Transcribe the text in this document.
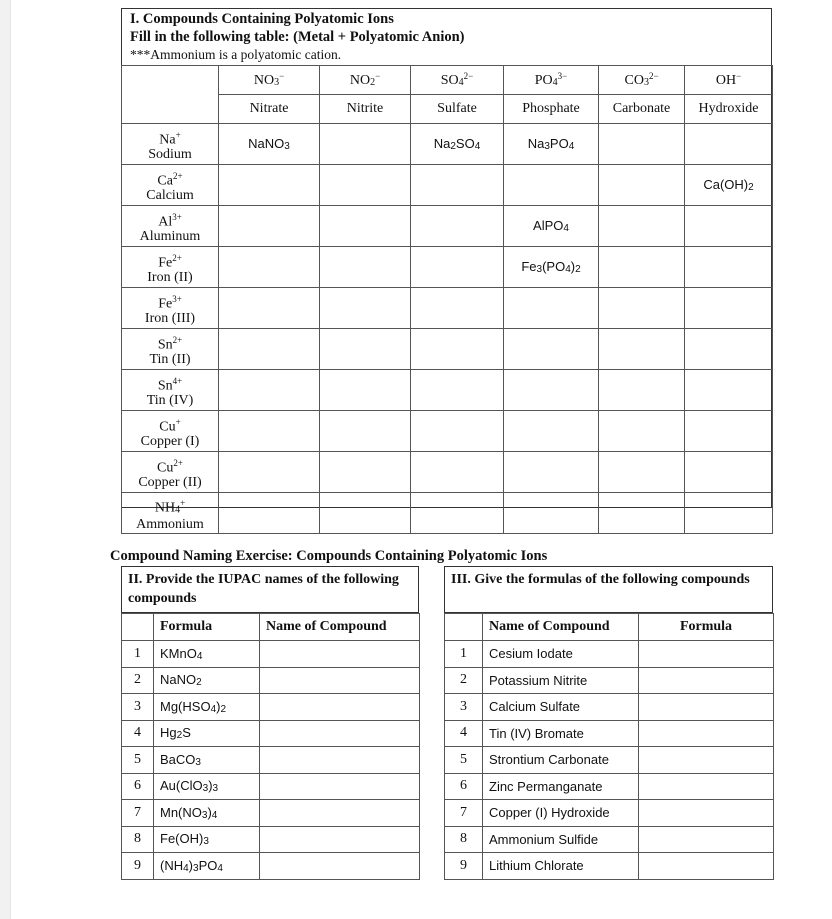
I. Compounds Containing Polyatomic Ions
Fill in the following table: (Metal + Polyatomic Anion)
***Ammonium is a polyatomic cation.
	NO3−	NO2−	$SO4^{2-}$	$PO4^{3-}$	$CO3^{2-}$	OH−
	Nitrate	Nitrite	Sulfate	Phosphate	Carbonate	Hydroxide

Na+
Sodium	NaNO3		Na2SO4	Na3PO4		

$Ca^{2+}$
Calcium						Ca(OH)2

$Al^{3+}$
Aluminum				AlPO4		

$Fe^{2+}$
Iron (II)				Fe3(PO4)2		

$Fe^{3+}$
Iron (III)						

$Sn^{2+}$
Tin (II)						

$Sn^{4+}$
Tin (IV)						

Cu+
Copper (I)						

$Cu^{2+}$
Copper (II)						

NH4+
Ammonium						

Compound Naming Exercise: Compounds Containing Polyatomic Ions
II. Provide the IUPAC names of the following compounds
	Formula	Name of Compound
1	KMnO4	
2	NaNO2	
3	Mg(HSO4)2	
4	Hg2S	
5	BaCO3	
6	Au(ClO3)3	
7	Mn(NO3)4	
8	Fe(OH)3	
9	(NH4)3PO4	
III. Give the formulas of the following compounds
	Name of Compound	Formula
1	Cesium Iodate	
2	Potassium Nitrite	
3	Calcium Sulfate	
4	Tin (IV) Bromate	
5	Strontium Carbonate	
6	Zinc Permanganate	
7	Copper (I) Hydroxide	
8	Ammonium Sulfide	
9	Lithium Chlorate	
